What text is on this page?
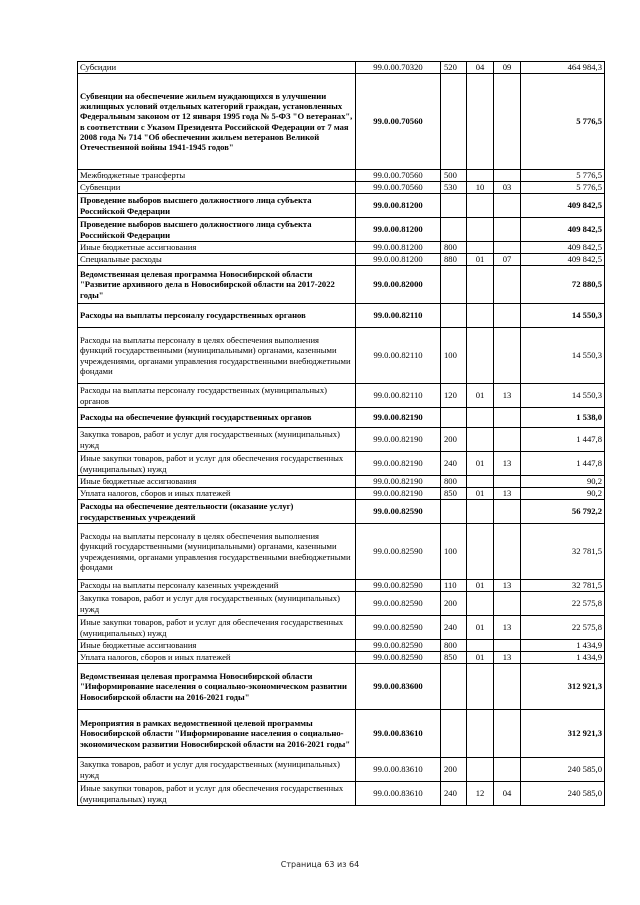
Субсидии	99.0.00.70320	520	04	09	464 984,3
Субвенции на обеспечение жильем нуждающихся в улучшении жилищных условий отдельных категорий граждан, установленных Федеральным законом от 12 января 1995 года № 5-ФЗ "О ветеранах", в соответствии с Указом Президента Российской Федерации от 7 мая 2008 года № 714 "Об обеспечении жильем ветеранов Великой Отечественной войны 1941-1945 годов"	99.0.00.70560				5 776,5
Межбюджетные трансферты	99.0.00.70560	500			5 776,5
Субвенции	99.0.00.70560	530	10	03	5 776,5
Проведение выборов высшего должностного лица субъекта Российской Федерации	99.0.00.81200				409 842,5
Проведение выборов высшего должностного лица субъекта Российской Федерации	99.0.00.81200				409 842,5
Иные бюджетные ассигнования	99.0.00.81200	800			409 842,5
Специальные расходы	99.0.00.81200	880	01	07	409 842,5
Ведомственная целевая программа Новосибирской области "Развитие архивного дела в Новосибирской области на 2017-2022 годы"	99.0.00.82000				72 880,5
Расходы на выплаты персоналу государственных органов	99.0.00.82110				14 550,3
Расходы на выплаты персоналу в целях обеспечения выполнения функций государственными (муниципальными) органами, казенными учреждениями, органами управления государственными внебюджетными фондами	99.0.00.82110	100			14 550,3
Расходы на выплаты персоналу государственных (муниципальных) органов	99.0.00.82110	120	01	13	14 550,3
Расходы на обеспечение функций государственных органов	99.0.00.82190				1 538,0
Закупка товаров, работ и услуг для государственных (муниципальных) нужд	99.0.00.82190	200			1 447,8
Иные закупки товаров, работ и услуг для обеспечения государственных (муниципальных) нужд	99.0.00.82190	240	01	13	1 447,8
Иные бюджетные ассигнования	99.0.00.82190	800			90,2
Уплата налогов, сборов и иных платежей	99.0.00.82190	850	01	13	90,2
Расходы на обеспечение деятельности (оказание услуг) государственных учреждений	99.0.00.82590				56 792,2
Расходы на выплаты персоналу в целях обеспечения выполнения функций государственными (муниципальными) органами, казенными учреждениями, органами управления государственными внебюджетными фондами	99.0.00.82590	100			32 781,5
Расходы на выплаты персоналу казенных учреждений	99.0.00.82590	110	01	13	32 781,5
Закупка товаров, работ и услуг для государственных (муниципальных) нужд	99.0.00.82590	200			22 575,8
Иные закупки товаров, работ и услуг для обеспечения государственных (муниципальных) нужд	99.0.00.82590	240	01	13	22 575,8
Иные бюджетные ассигнования	99.0.00.82590	800			1 434,9
Уплата налогов, сборов и иных платежей	99.0.00.82590	850	01	13	1 434,9
Ведомственная целевая программа Новосибирской области "Информирование населения о социально-экономическом развитии Новосибирской области на 2016-2021 годы"	99.0.00.83600				312 921,3
Мероприятия в рамках ведомственной целевой программы Новосибирской области "Информирование населения о социально-экономическом развитии Новосибирской области на 2016-2021 годы"	99.0.00.83610				312 921,3
Закупка товаров, работ и услуг для государственных (муниципальных) нужд	99.0.00.83610	200			240 585,0
Иные закупки товаров, работ и услуг для обеспечения государственных (муниципальных) нужд	99.0.00.83610	240	12	04	240 585,0
Страница 63 из 64
